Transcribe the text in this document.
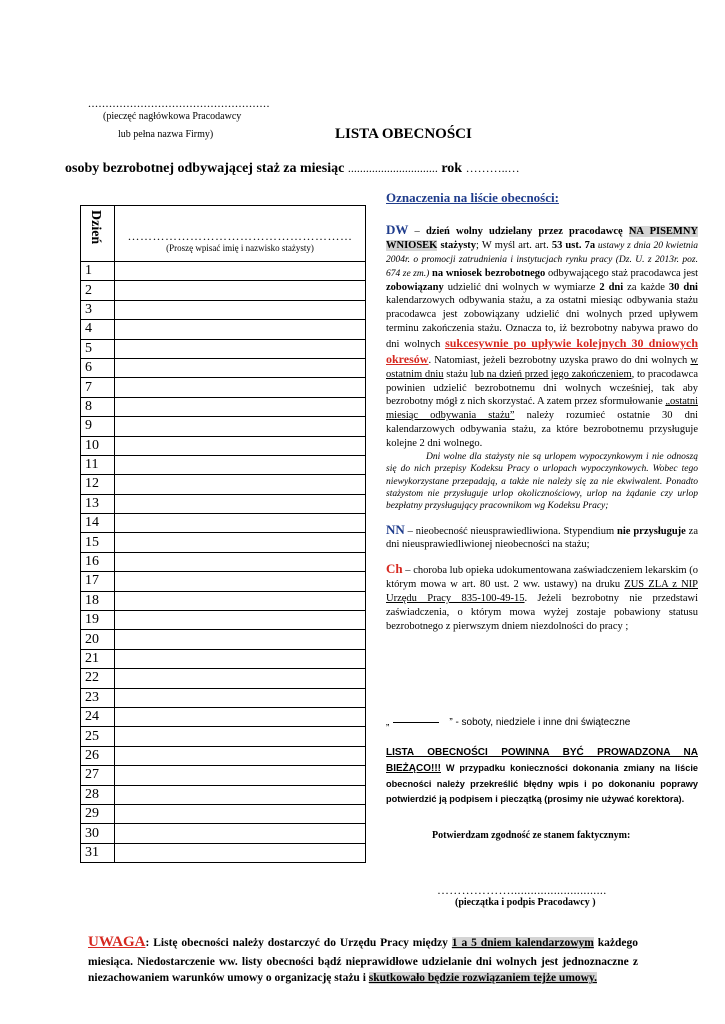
....................................................
(pieczęć nagłówkowa Pracodawcy
lub pełna nazwa Firmy)	LISTA OBECNOŚCI
osoby bezrobotnej odbywającej staż za miesiąc .............................. rok ………..…
Dzień	………………………………………………
(Proszę wpisać imię i nazwisko stażysty)

1	
2	
3	
4	
5	
6	
7	
8	
9	
10	
11	
12	
13	
14	
15	
16	
17	
18	
19	
20	
21	
22	
23	
24	
25	
26	
27	
28	
29	
30	
31	
Oznaczenia na liście obecności:
DW – dzień wolny udzielany przez pracodawcę NA PISEMNY WNIOSEK stażysty; W myśl art. art. 53 ust. 7a ustawy z dnia 20 kwietnia 2004r. o promocji zatrudnienia i instytucjach rynku pracy (Dz. U. z 2013r. poz. 674 ze zm.) na wniosek bezrobotnego odbywającego staż pracodawca jest zobowiązany udzielić dni wolnych w wymiarze 2 dni za każde 30 dni kalendarzowych odbywania stażu, a za ostatni miesiąc odbywania stażu pracodawca jest zobowiązany udzielić dni wolnych przed upływem terminu zakończenia stażu. Oznacza to, iż bezrobotny nabywa prawo do dni wolnych sukcesywnie po upływie kolejnych 30 dniowych okresów. Natomiast, jeżeli bezrobotny uzyska prawo do dni wolnych w ostatnim dniu stażu lub na dzień przed jego zakończeniem, to pracodawca powinien udzielić bezrobotnemu dni wolnych wcześniej, tak aby bezrobotny mógł z nich skorzystać. A zatem przez sformułowanie „ostatni miesiąc odbywania stażu” należy rozumieć ostatnie 30 dni kalendarzowych odbywania stażu, za które bezrobotnemu przysługuje kolejne 2 dni wolnego.
Dni wolne dla stażysty nie są urlopem wypoczynkowym i nie odnoszą się do nich przepisy Kodeksu Pracy o urlopach wypoczynkowych. Wobec tego niewykorzystane przepadają, a także nie należy się za nie ekwiwalent. Ponadto stażystom nie przysługuje urlop okolicznościowy, urlop na żądanie czy urlop bezpłatny przysługujący pracownikom wg Kodeksu Pracy;
NN – nieobecność nieusprawiedliwiona. Stypendium nie przysługuje za dni nieusprawiedliwionej nieobecności na stażu;
Ch – choroba lub opieka udokumentowana zaświadczeniem lekarskim (o którym mowa w art. 80 ust. 2 ww. ustawy) na druku ZUS ZLA z NIP Urzędu Pracy 835-100-49-15. Jeżeli bezrobotny nie przedstawi zaświadczenia, o którym mowa wyżej zostaje pobawiony statusu bezrobotnego z pierwszym dniem niezdolności do pracy ;
„	” - soboty, niedziele i inne dni świąteczne
LISTA OBECNOŚCI POWINNA BYĆ PROWADZONA NA BIEŻĄCO!!! W przypadku konieczności dokonania zmiany na liście obecności należy przekreślić błędny wpis i po dokonaniu poprawy potwierdzić ją podpisem i pieczątką (prosimy nie używać korektora).
Potwierdzam zgodność ze stanem faktycznym:
……………….............................
(pieczątka i podpis Pracodawcy )
UWAGA: Listę obecności należy dostarczyć do Urzędu Pracy między 1 a 5 dniem kalendarzowym każdego miesiąca. Niedostarczenie ww. listy obecności bądź nieprawidłowe udzielanie dni wolnych jest jednoznaczne z niezachowaniem warunków umowy o organizację stażu i skutkowało będzie rozwiązaniem tejże umowy.
